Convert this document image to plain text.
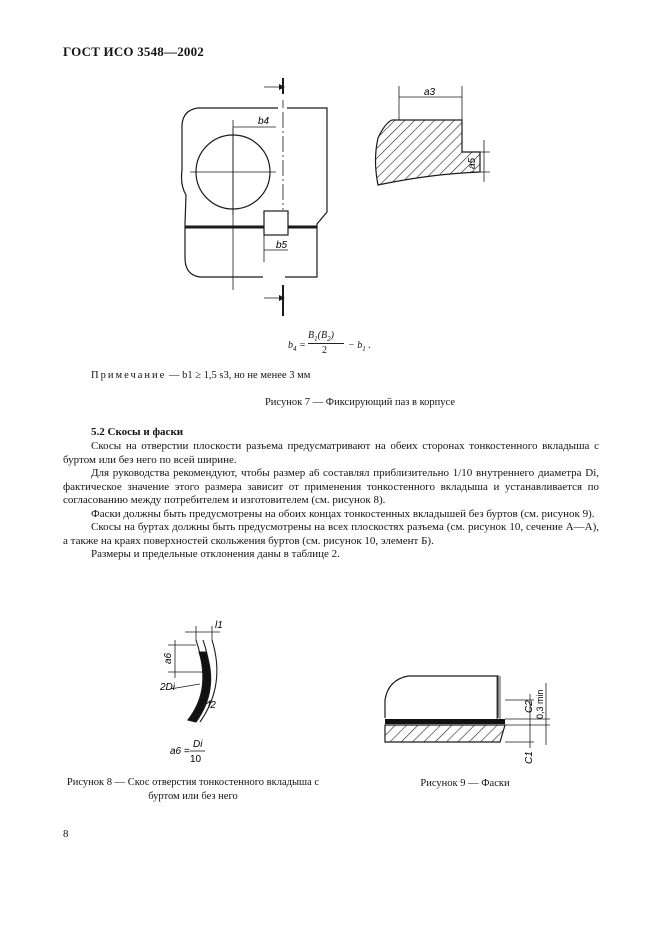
ГОСТ ИСО 3548—2002
b4
b5
a3
a5
l1
a6
2Di
l2
a6 =
Di
10
C2 0,3 min
C1
$b_4$ =
$B_1(B_2)$
$2 - b_1$ .
Примечание — b1 ≥ 1,5 s3, но не менее 3 мм
Рисунок 7 — Фиксирующий паз в корпусе
5.2 Скосы и фаски

Скосы на отверстии плоскости разъема предусматривают на обеих сторонах тонкостенного вкладыша с буртом или без него по всей ширине.

Для руководства рекомендуют, чтобы размер a6 составлял приблизительно 1/10 внутреннего диаметра Di, фактическое значение этого размера зависит от применения тонкостенного вкладыша и устанавливается по согласованию между потребителем и изготовителем (см. рисунок 8).

Фаски должны быть предусмотрены на обоих концах тонкостенных вкладышей без буртов (см. рисунок 9).

Скосы на буртах должны быть предусмотрены на всех плоскостях разъема (см. рисунок 10, сечение А—А), а также на краях поверхностей скольжения буртов (см. рисунок 10, элемент Б).

Размеры и предельные отклонения даны в таблице 2.

Рисунок 8 — Скос отверстия тонкостенного вкладыша с буртом или без него
Рисунок 9 — Фаски
8
